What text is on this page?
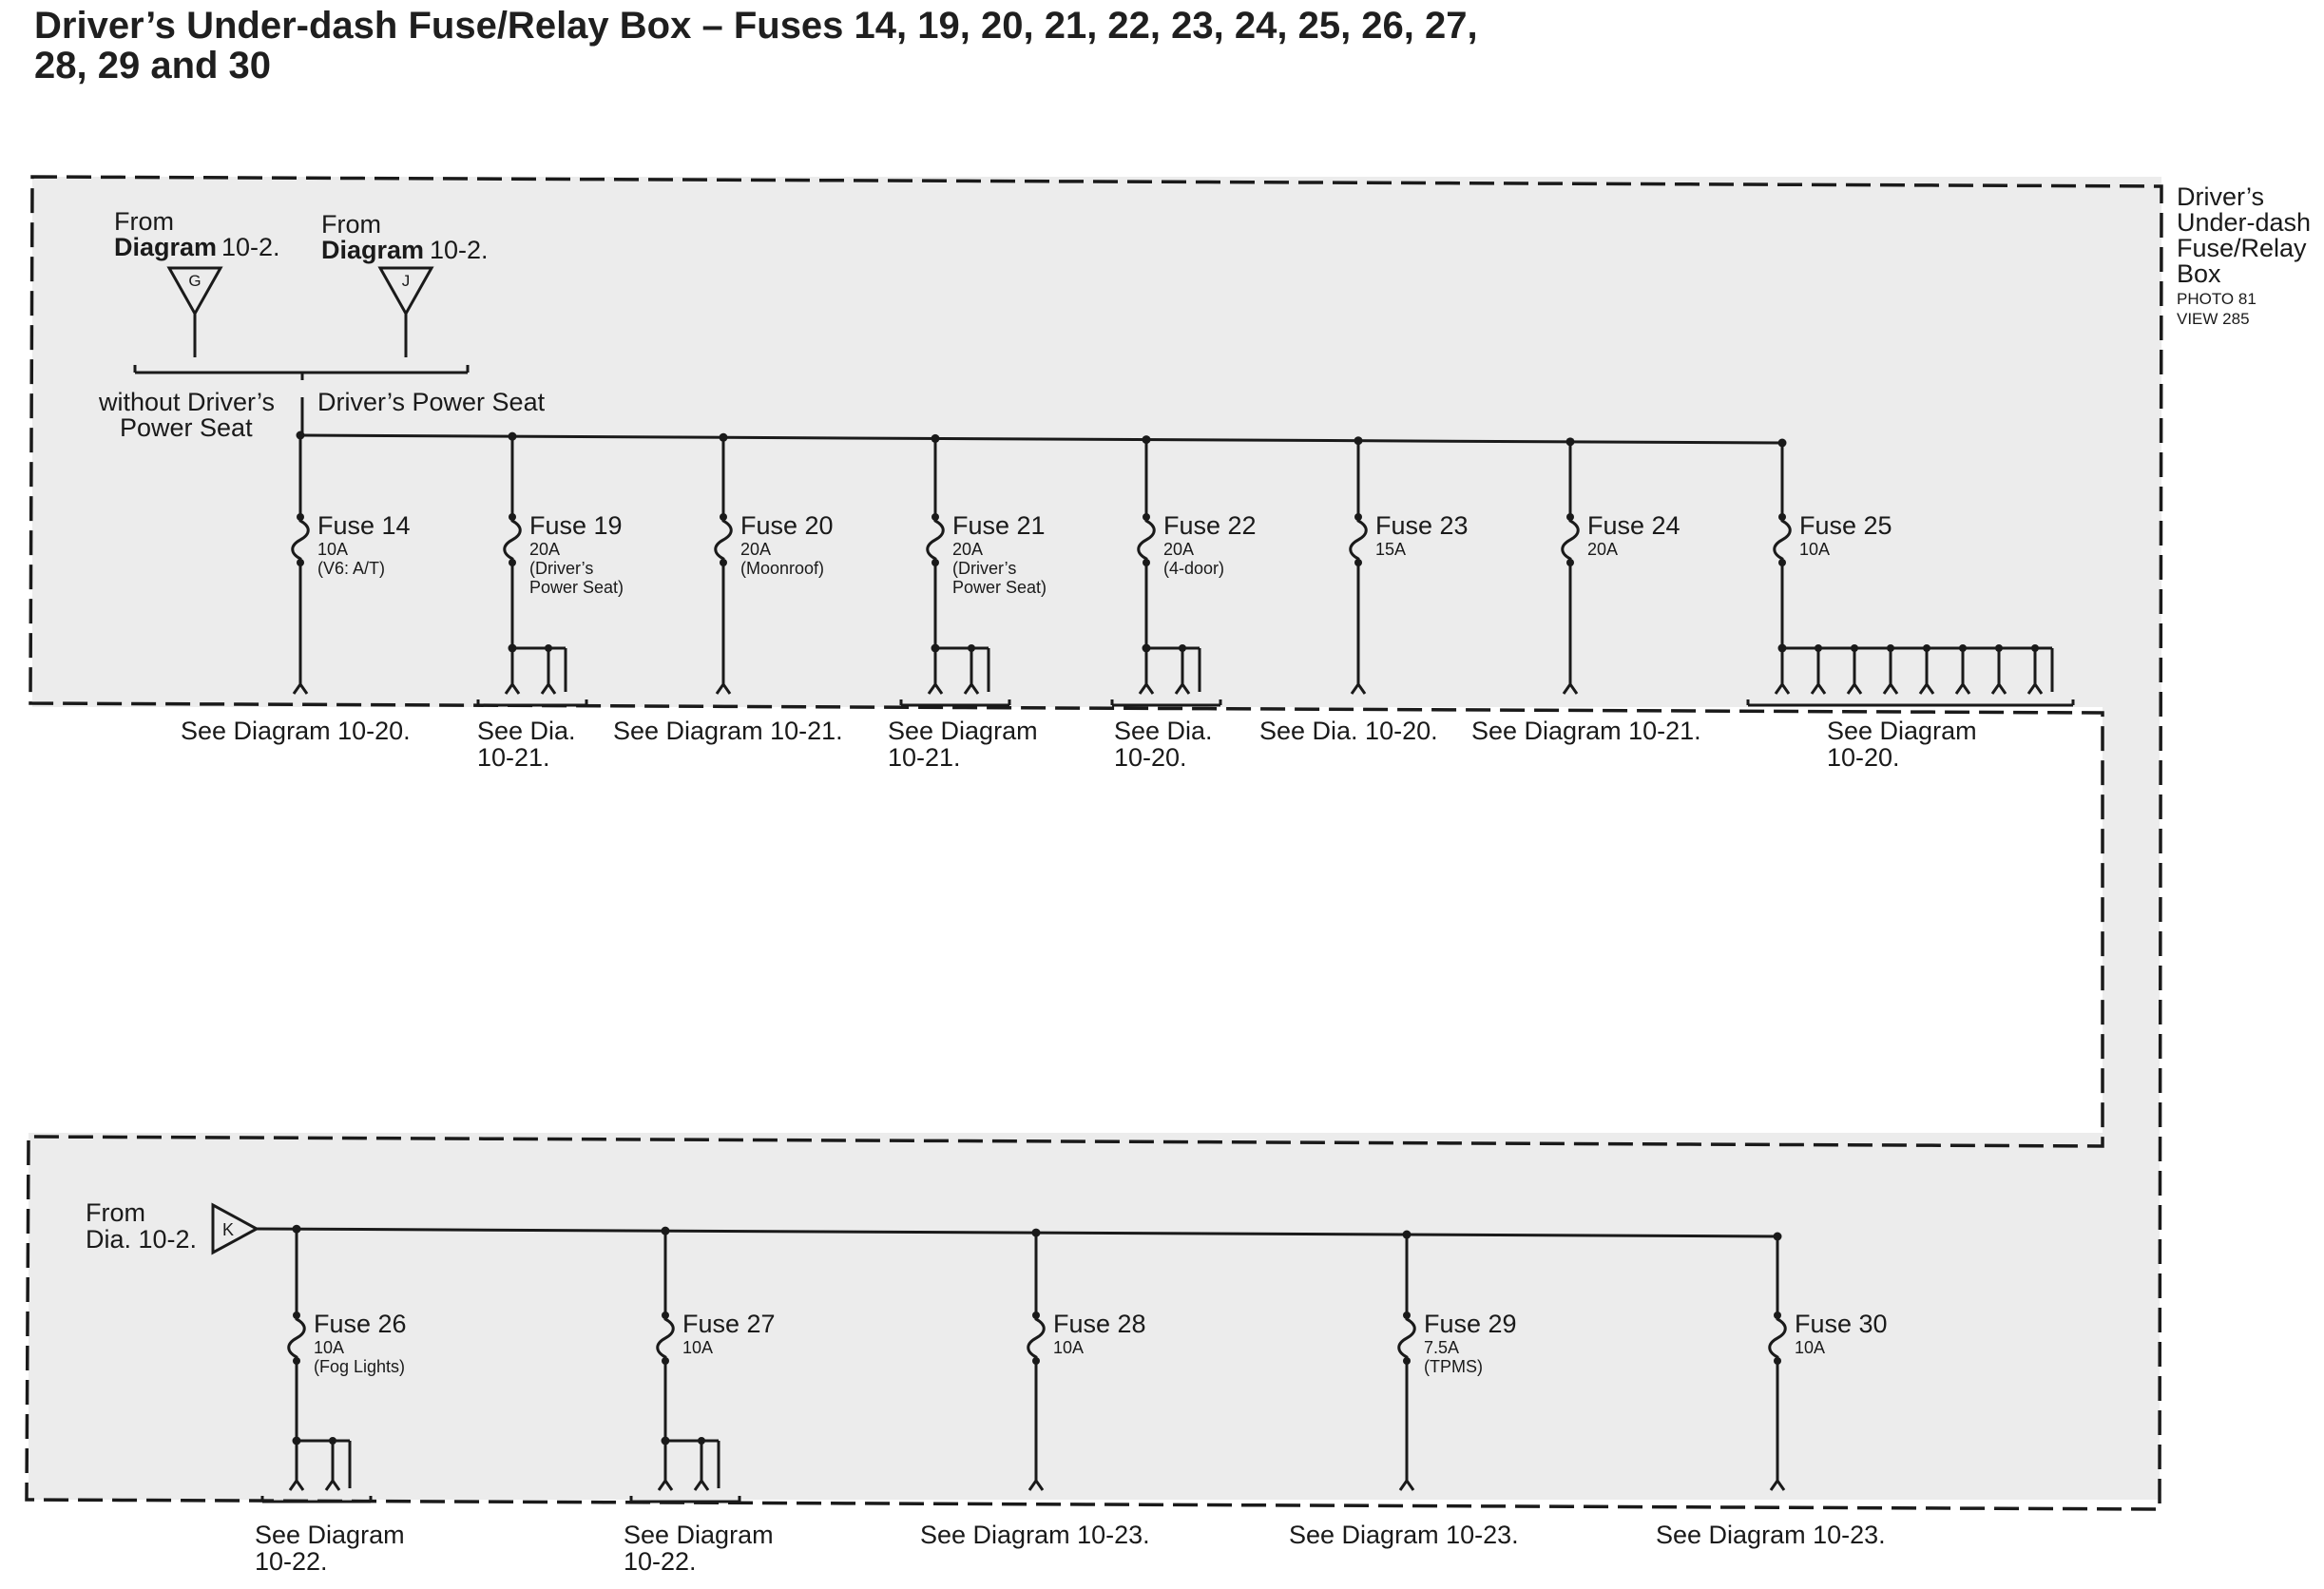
Driver’s Under-dash Fuse/Relay Box – Fuses 14, 19, 20, 21, 22, 23, 24, 25, 26, 27,
28, 29 and 30
Driver’s
Under-dash
Fuse/Relay
Box
PHOTO 81
VIEW 285
From
Diagram 10-2.
G
From
Diagram 10-2.
J
without Driver’s
Power Seat
Driver’s Power Seat
From
Dia. 10-2. K
Fuse 14
10A
(V6: A/T)
See Diagram 10-20.
Fuse 19
20A
(Driver’s
Power Seat)
See Dia.
10-21.
Fuse 20
20A
(Moonroof)
See Diagram 10-21.
Fuse 21
20A
(Driver’s
Power Seat)
See Diagram
10-21.
Fuse 22
20A
(4-door)
See Dia.
10-20.
Fuse 23
15A
See Dia. 10-20.
Fuse 24
20A
See Diagram 10-21.
Fuse 25
10A
See Diagram
10-20.
Fuse 26
10A
(Fog Lights)
See Diagram
10-22.
Fuse 27
10A
See Diagram
10-22.
Fuse 28
10A
See Diagram 10-23.
Fuse 29
7.5A
(TPMS)
See Diagram 10-23.
Fuse 30
10A
See Diagram 10-23.
